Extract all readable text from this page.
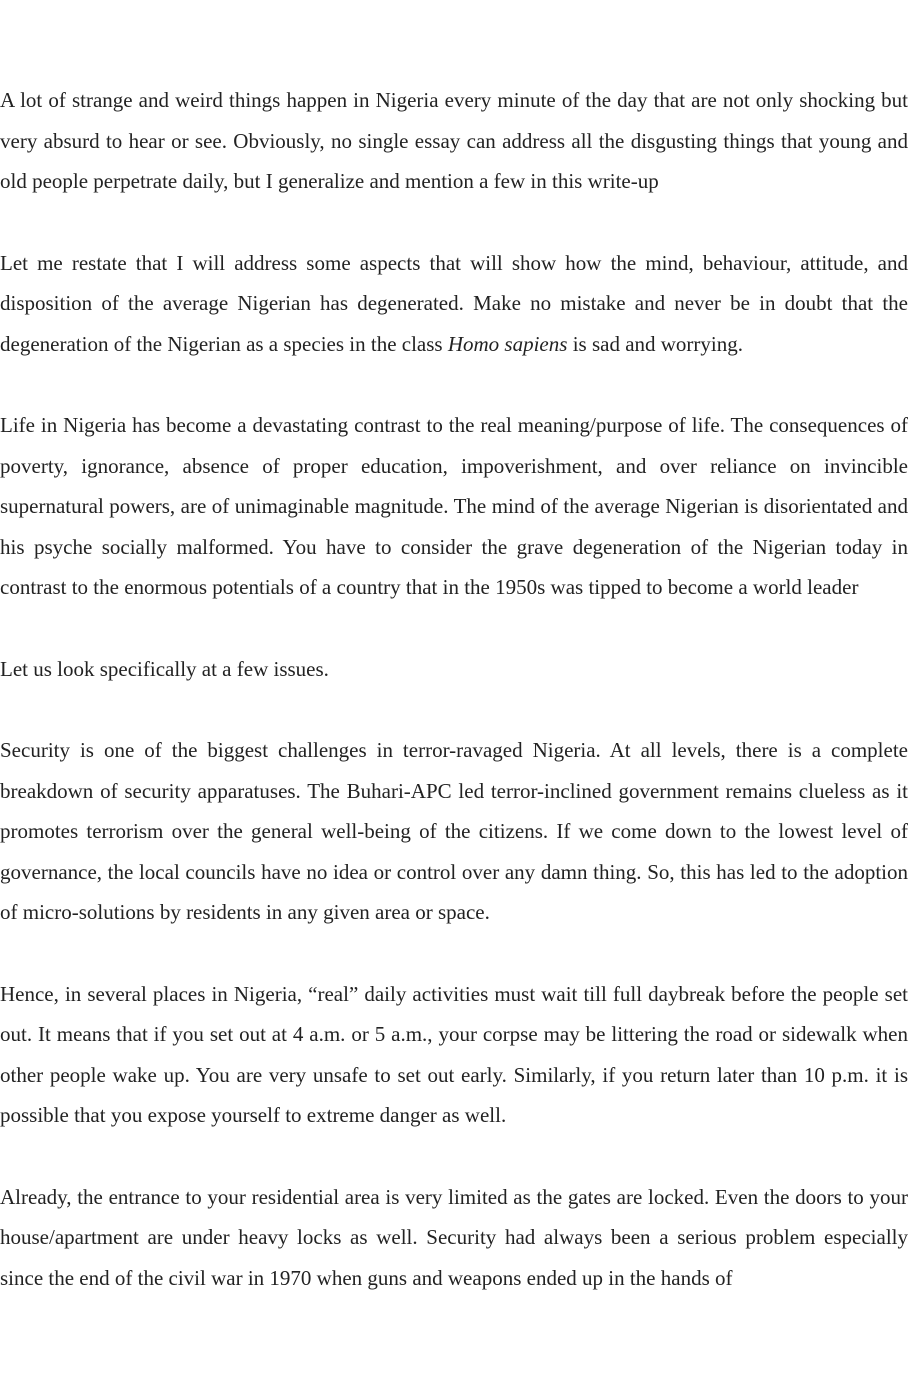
A lot of strange and weird things happen in Nigeria every minute of the day that are not only shocking but very absurd to hear or see. Obviously, no single essay can address all the disgusting things that young and old people perpetrate daily, but I generalize and mention a few in this write-up

Let me restate that I will address some aspects that will show how the mind, behaviour, attitude, and disposition of the average Nigerian has degenerated. Make no mistake and never be in doubt that the degeneration of the Nigerian as a species in the class Homo sapiens is sad and worrying.

Life in Nigeria has become a devastating contrast to the real meaning/purpose of life. The consequences of poverty, ignorance, absence of proper education, impoverishment, and over reliance on invincible supernatural powers, are of unimaginable magnitude. The mind of the average Nigerian is disorientated and his psyche socially malformed. You have to consider the grave degeneration of the Nigerian today in contrast to the enormous potentials of a country that in the 1950s was tipped to become a world leader

Let us look specifically at a few issues.

Security is one of the biggest challenges in terror-ravaged Nigeria. At all levels, there is a complete breakdown of security apparatuses. The Buhari-APC led terror-inclined government remains clueless as it promotes terrorism over the general well-being of the citizens. If we come down to the lowest level of governance, the local councils have no idea or control over any damn thing. So, this has led to the adoption of micro-solutions by residents in any given area or space.

Hence, in several places in Nigeria, “real” daily activities must wait till full daybreak before the people set out. It means that if you set out at 4 a.m. or 5 a.m., your corpse may be littering the road or sidewalk when other people wake up. You are very unsafe to set out early. Similarly, if you return later than 10 p.m. it is possible that you expose yourself to extreme danger as well.

Already, the entrance to your residential area is very limited as the gates are locked. Even the doors to your house/apartment are under heavy locks as well. Security had always been a serious problem especially since the end of the civil war in 1970 when guns and weapons ended up in the hands of
